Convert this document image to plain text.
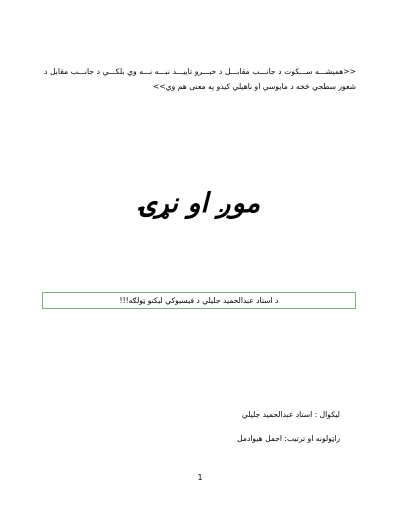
<<هميشـــه ســـكوت د جانـــب مقابـــل د خبـــرو تاييـــد نبـــه نـــه وي بلكـــي د جانـــب مقابل د شعور سطحي څخه د مايوسي او ناهيلي كيدو په معنى هم وي>>
موږ او نړۍ
د استاد عبدالحميد جليلي د فيسبوكي ليكنو ټولګه!!!
ليكوال : استاد عبدالحميد جليلي
راټولونه او ترتيب: اجمل هيوادمل
1
